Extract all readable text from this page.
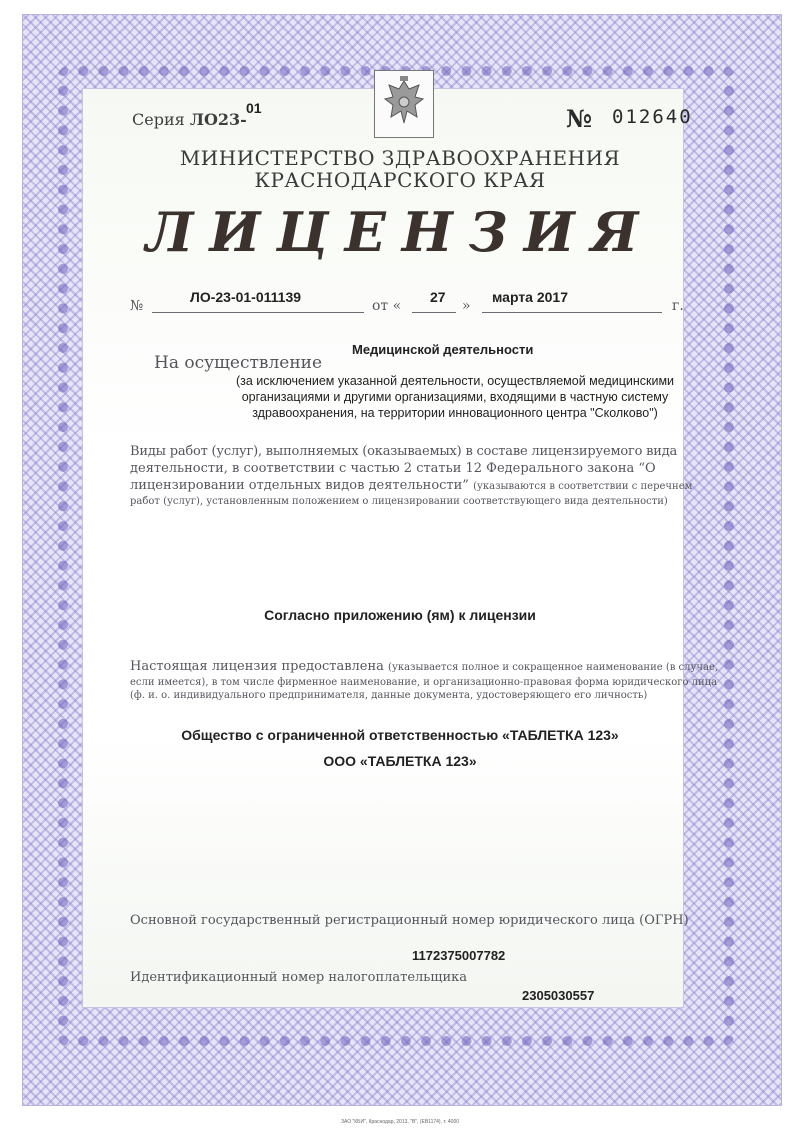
Серия ЛО23-
01	№ 012640
МИНИСТЕРСТВО ЗДРАВООХРАНЕНИЯ
КРАСНОДАРСКОГО КРАЯ
ЛИЦЕНЗИЯ
№
ЛО-23-01-011139
от «
27
»
марта 2017
г.
Медицинской деятельности
На осуществление
(за исключением указанной деятельности, осуществляемой медицинскими
организациями и другими организациями, входящими в частную систему
здравоохранения, на территории инновационного центра "Сколково")
Виды работ (услуг), выполняемых (оказываемых) в составе лицензируемого вида
деятельности, в соответствии с частью 2 статьи 12 Федерального закона “О
лицензировании отдельных видов деятельности” (указываются в соответствии с перечнем
работ (услуг), установленным положением о лицензировании соответствующего вида деятельности)
Согласно приложению (ям) к лицензии
Настоящая лицензия предоставлена (указывается полное и сокращенное наименование (в случае,
если имеется), в том числе фирменное наименование, и организационно-правовая форма юридического лица
(ф. и. о. индивидуального предпринимателя, данные документа, удостоверяющего его личность)
Общество с ограниченной ответственностью «ТАБЛЕТКА 123»
ООО «ТАБЛЕТКА 123»
Основной государственный регистрационный номер юридического лица (ОГРН)
1172375007782
Идентификационный номер налогоплательщика
2305030557
ЗАО "КБИ", Краснодар, 2013, "В", (EB1174), т. 4000
